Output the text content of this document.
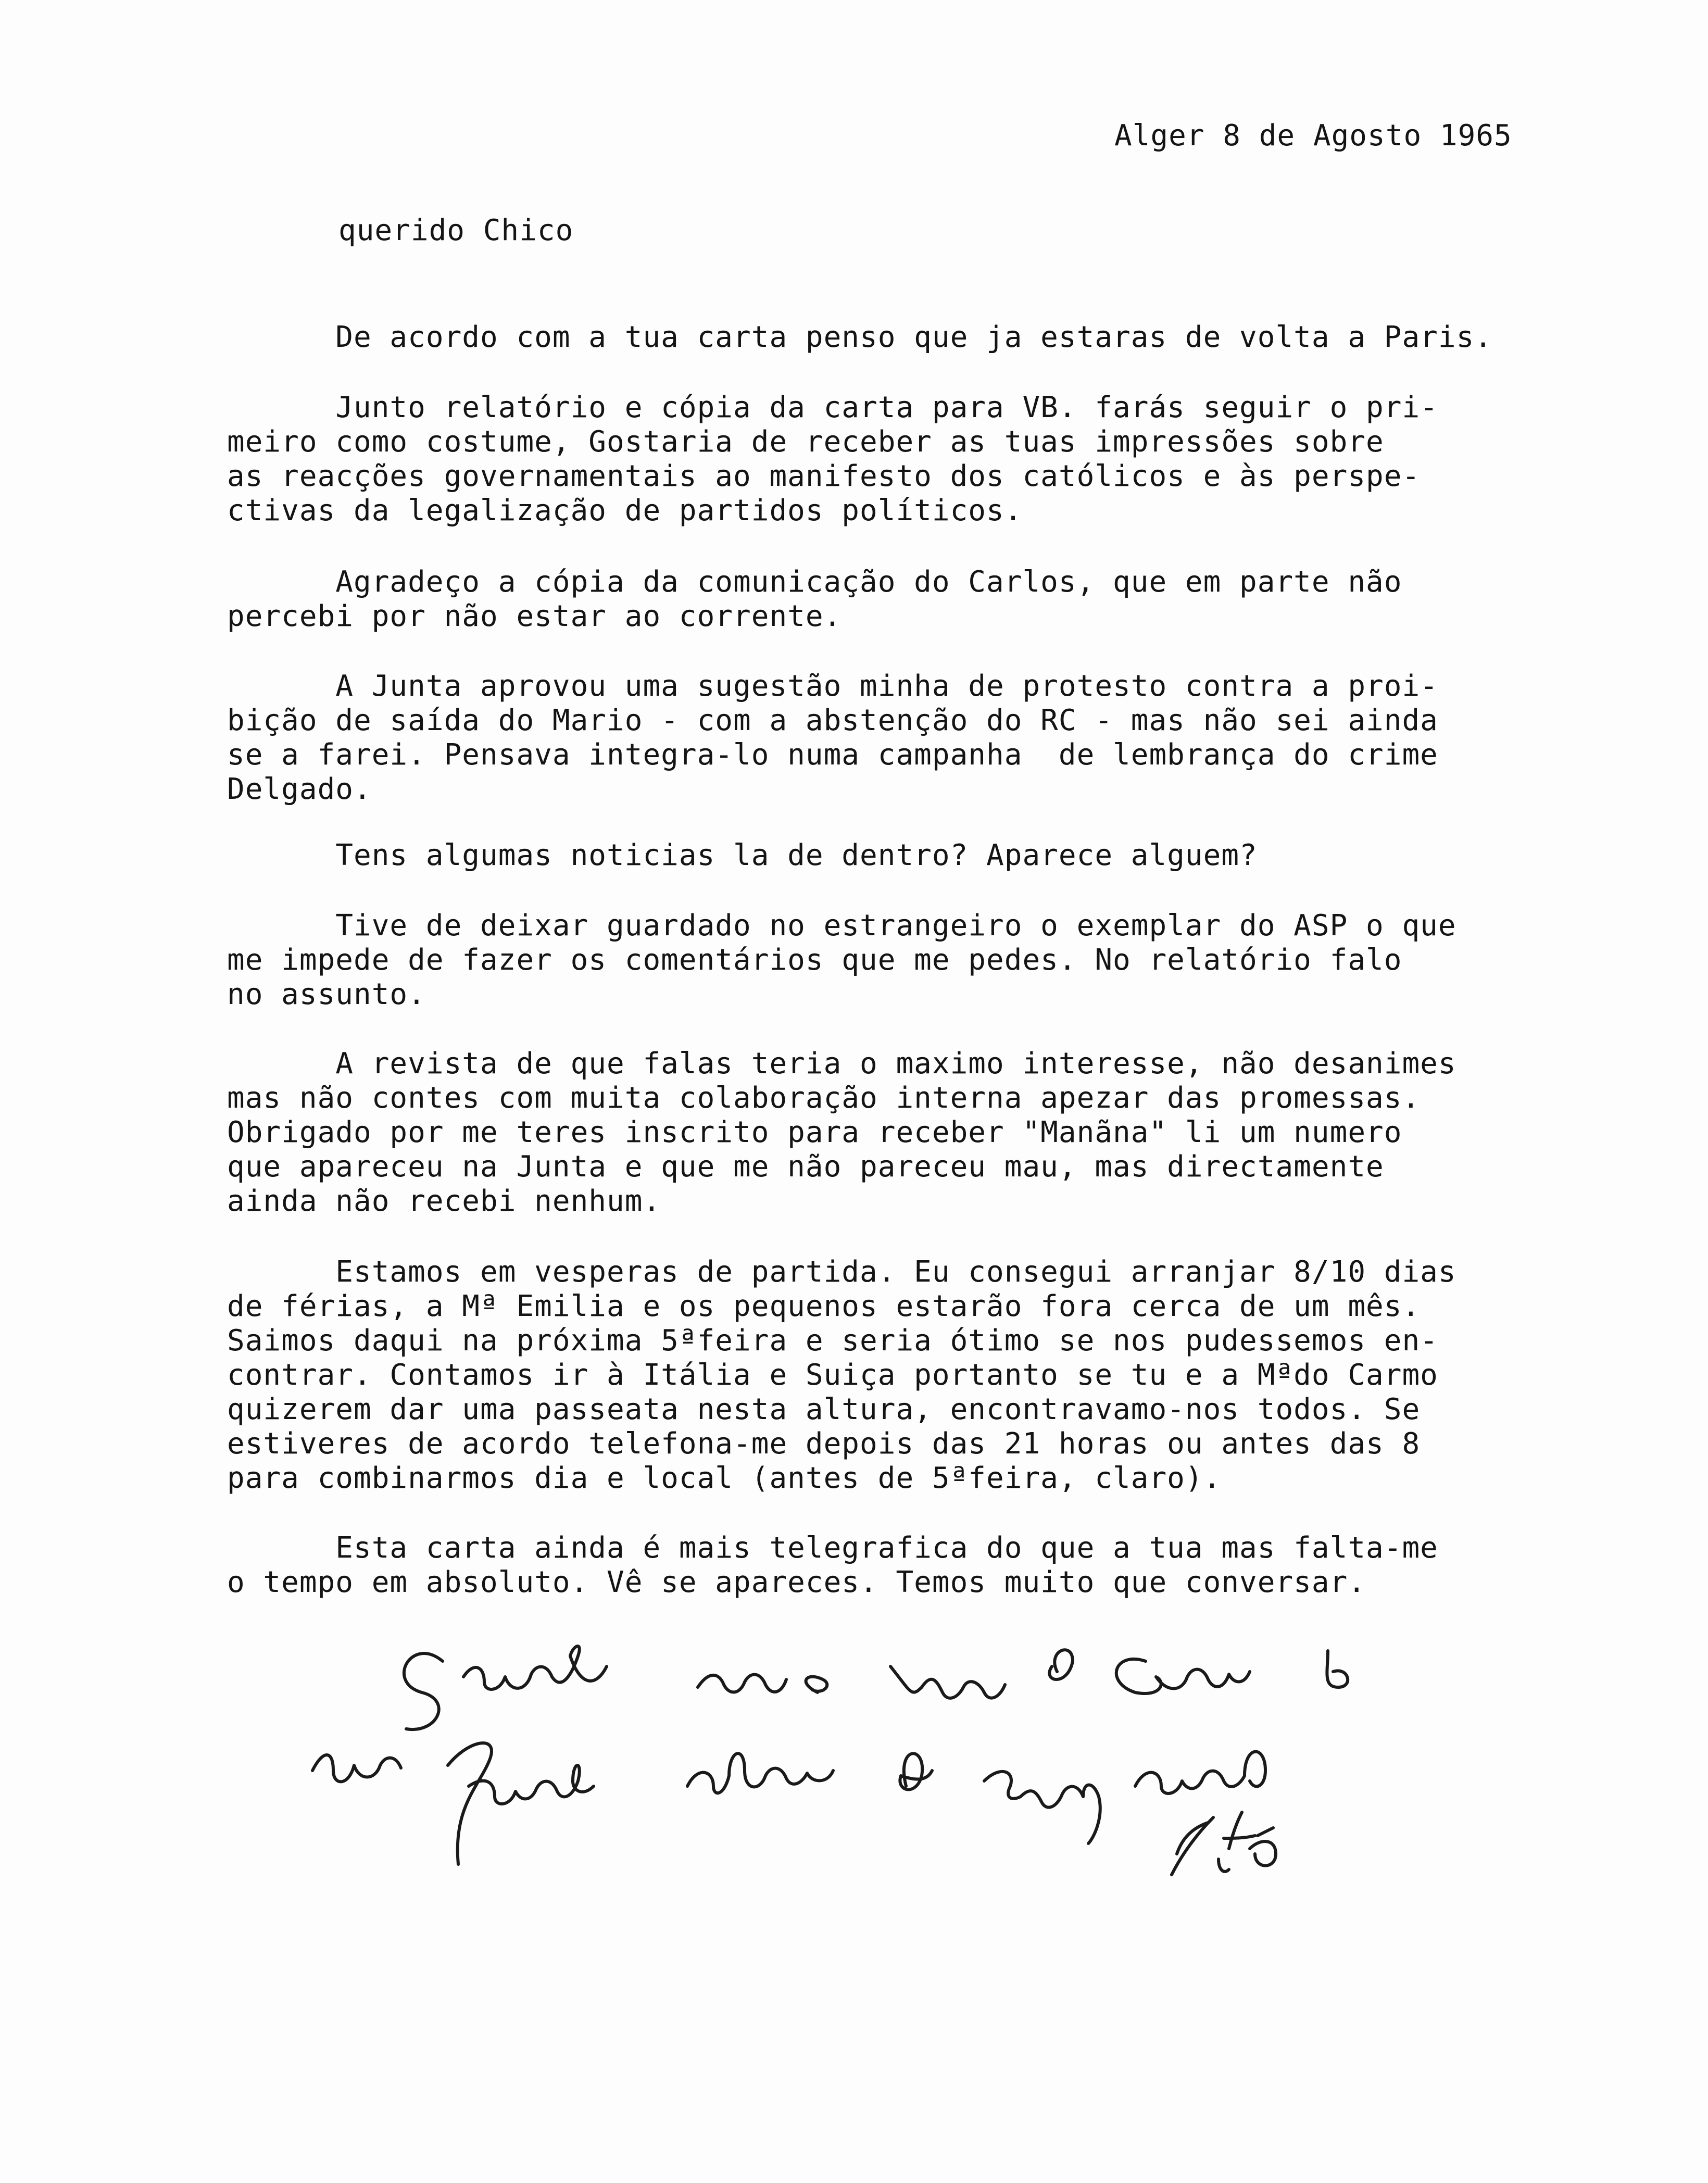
Alger 8 de Agosto 1965
querido Chico
De acordo com a tua carta penso que ja estaras de volta a Paris.
Junto relatório e cópia da carta para VB. farás seguir o pri-
meiro como costume, Gostaria de receber as tuas impressões sobre
as reacções governamentais ao manifesto dos católicos e às perspe-
ctivas da legalização de partidos políticos.
Agradeço a cópia da comunicação do Carlos, que em parte não
percebi por não estar ao corrente.
A Junta aprovou uma sugestão minha de protesto contra a proi-
bição de saída do Mario - com a abstenção do RC - mas não sei ainda
se a farei. Pensava integra-lo numa campanha  de lembrança do crime
Delgado.
Tens algumas noticias la de dentro? Aparece alguem?
Tive de deixar guardado no estrangeiro o exemplar do ASP o que
me impede de fazer os comentários que me pedes. No relatório falo
no assunto.
A revista de que falas teria o maximo interesse, não desanimes
mas não contes com muita colaboração interna apezar das promessas.
Obrigado por me teres inscrito para receber "Manãna" li um numero
que apareceu na Junta e que me não pareceu mau, mas directamente
ainda não recebi nenhum.
Estamos em vesperas de partida. Eu consegui arranjar 8/10 dias
de férias, a Mª Emilia e os pequenos estarão fora cerca de um mês.
Saimos daqui na próxima 5ªfeira e seria ótimo se nos pudessemos en-
contrar. Contamos ir à Itália e Suiça portanto se tu e a Mªdo Carmo
quizerem dar uma passeata nesta altura, encontravamo-nos todos. Se
estiveres de acordo telefona-me depois das 21 horas ou antes das 8
para combinarmos dia e local (antes de 5ªfeira, claro).
Esta carta ainda é mais telegrafica do que a tua mas falta-me
o tempo em absoluto. Vê se apareces. Temos muito que conversar.
